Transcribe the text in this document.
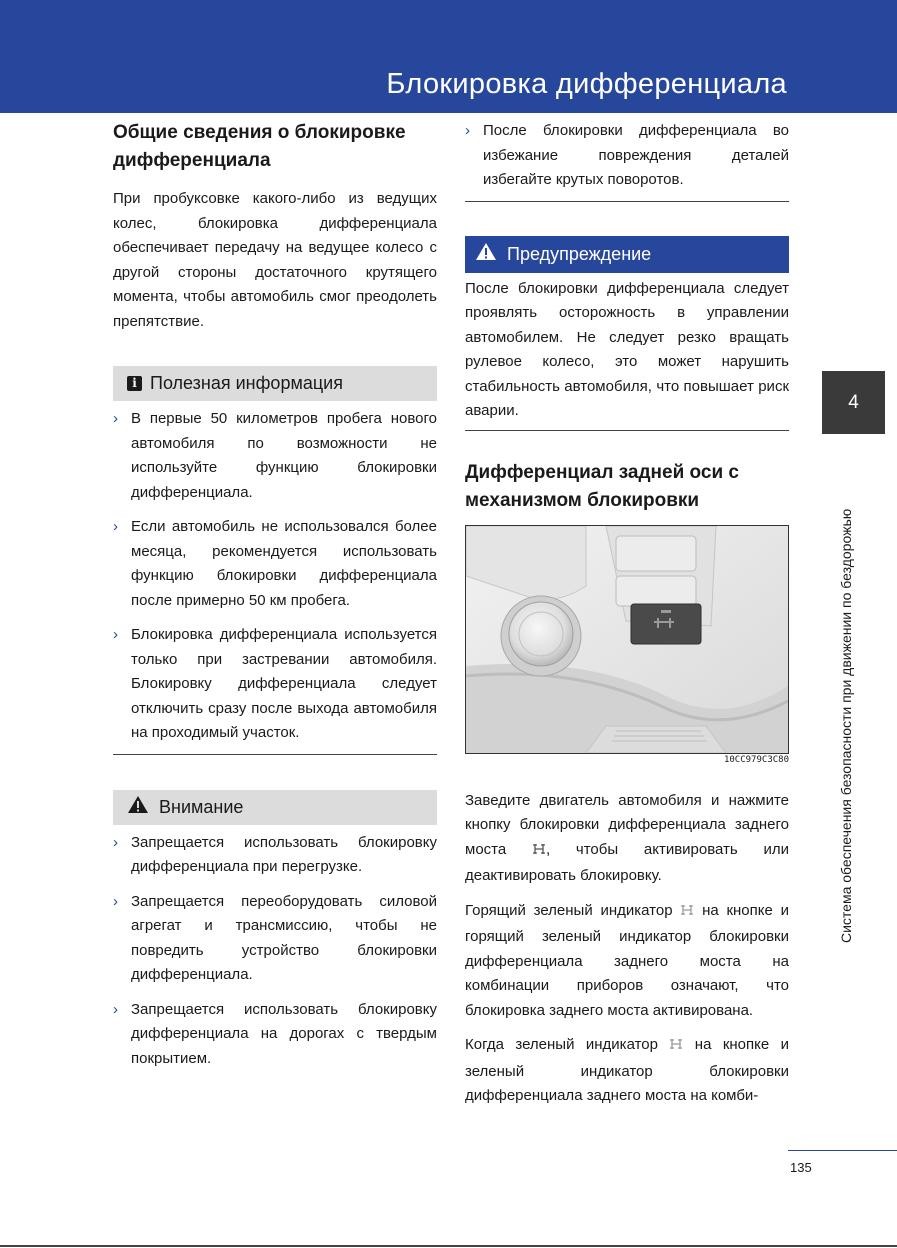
Блокировка дифференциала
Общие сведения о блокировке дифференциала

При пробуксовке какого-либо из ведущих колес, блокировка дифференциала обеспечивает передачу на ведущее колесо с другой стороны достаточного крутящего момента, чтобы автомобиль смог преодолеть препятствие.

i Полезная информация
› В первые 50 километров пробега нового автомобиля по возможности не используйте функцию блокировки дифференциала.
› Если автомобиль не использовался более месяца, рекомендуется использовать функцию блокировки дифференциала после примерно 50 км пробега.
› Блокировка дифференциала используется только при застревании автомобиля. Блокировку дифференциала следует отключить сразу после выхода автомобиля на проходимый участок.
Внимание
› Запрещается использовать блокировку дифференциала при перегрузке.
› Запрещается переоборудовать силовой агрегат и трансмиссию, чтобы не повредить устройство блокировки дифференциала.
› Запрещается использовать блокировку дифференциала на дорогах с твердым покрытием.
› После блокировки дифференциала во избежание повреждения деталей избегайте крутых поворотов.
Предупреждение

После блокировки дифференциала следует проявлять осторожность в управлении автомобилем. Не следует резко вращать рулевое колесо, это может нарушить стабильность автомобиля, что повышает риск аварии.

Дифференциал задней оси с механизмом блокировки
10CC979C3C80

Заведите двигатель автомобиля и нажмите кнопку блокировки дифференциала заднего моста , чтобы активировать или деактивировать блокировку.

Горящий зеленый индикатор  на кнопке и горящий зеленый индикатор блокировки дифференциала заднего моста на комбинации приборов означают, что блокировка заднего моста активирована.

Когда зеленый индикатор  на кнопке и зеленый индикатор блокировки дифференциала заднего моста на комби-

4
Система обеспечения безопасности при движении по бездорожью
135
